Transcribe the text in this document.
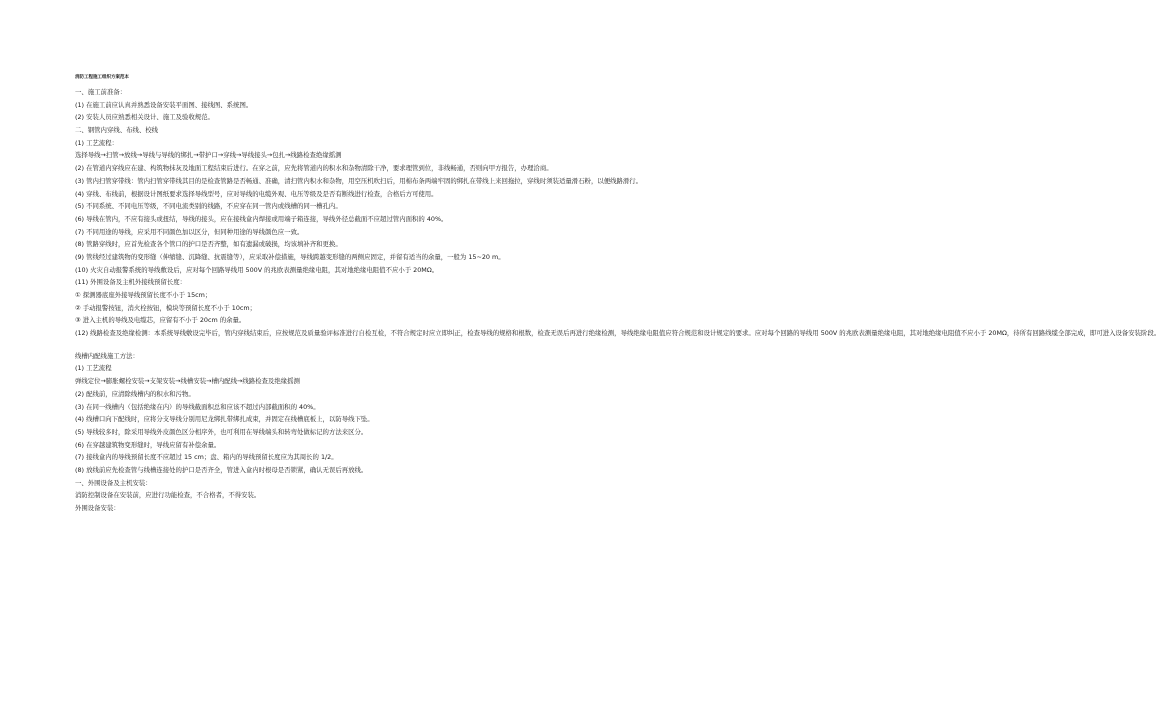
消防工程施工组织方案范本
一、施工前准备：
(1) 在施工前应认真并熟悉设备安装平面图、接线图、系统图。
(2) 安装人员应熟悉相关设计、施工及验收规范。
二、钢管内穿线、布线、校线
(1) 工艺流程：
选择导线→扫管→放线→导线与导线的绑扎→带护口→穿线→导线接头→包扎→线路检查绝缘摇测
(2) 在管道内穿线应在建、构筑物抹灰及地面工程结束后进行。在穿之前，应先将管道内的积水和杂物清除干净，要求理管到位，非线畅通，否则向甲方报告，办理洽商。
(3) 管内扫管穿带线：管内扫管穿带线其目的是检查管路是否畅通、准确，清扫管内积水和杂物，用空压机吹扫后，用棉布条两端牢固的绑扎在带线上来回拖拉，穿线时须装适量滑石粉，以便线路滑行。
(4) 穿线、布线前，根据设计图纸要求选择导线型号，应对导线的电缆外观、电压等级及是否有断线进行检查，合格后方可使用。
(5) 不同系统、不同电压等级，不同电流类别的线路，不应穿在同一管内或线槽的同一槽孔内。
(6) 导线在管内，不应有接头或扭结，导线的接头，应在接线盒内焊接或用端子箱连接，导线外径总截面不应超过管内面积的 40%。
(7) 不同用途的导线，应采用不同颜色加以区分，但同种用途的导线颜色应一致。
(8) 管路穿线时，应首先检查各个管口的护口是否齐整，如有遗漏或破损，均该填补齐和更换。
(9) 管线经过建筑物的变形缝（伸缩缝、沉降缝、抗震缝等），应采取补偿措施，导线跨越变形缝的两侧应固定，并留有适当的余量，一般为 15~20 m。
(10) 火灾自动报警系统的导线敷设后，应对每个回路导线用 500V 的兆欧表测量绝缘电阻，其对地绝缘电阻值不应小于 20MΩ。
(11) 外围设备及主机外接线预留长度：
① 探测器底座外接导线预留长度不小于 15cm；
② 手动报警按钮，消火栓按钮，模块等预留长度不小于 10cm；
③ 进入主机的导线及电缆芯，应留有不小于 20cm 的余量。
(12) 线路检查及绝缘检测：本系统导线敷设完毕后，管内穿线结束后，应按规范及质量验评标准进行自检互检，不符合规定时应立即纠正，检查导线的规格和根数，检查无误后再进行绝缘检测，导线绝缘电阻值应符合规范和设计规定的要求。应对每个回路的导线用 500V 的兆欧表测量绝缘电阻，其对地绝缘电阻值不应小于 20MΩ，待所有回路线缆全部完成，即可进入设备安装阶段。
线槽内配线施工方法：
(1) 工艺流程
弹线定位→膨胀螺栓安装→支架安装→线槽安装→槽内配线→线路检查及绝缘摇测
(2) 配线前，应清除线槽内的积水和污物。
(3) 在同一线槽内（包括绝缘在内）的导线截面积总和应该不超过内部截面积的 40%。
(4) 线槽口向下配线时，应将分支导线分别用尼龙绑扎带绑扎成束，并固定在线槽底板上，以防导线下坠。
(5) 导线较多时，除采用导线外皮颜色区分相序外，也可利用在导线端头和转弯处做标记的方法来区分。
(6) 在穿越建筑物变形缝时，导线应留有补偿余量。
(7) 接线盒内的导线预留长度不应超过 15 cm；盘、箱内的导线预留长度应为其周长的 1/2。
(8) 放线前应先检查管与线槽连接处的护口是否齐全，管进入盒内时根母是否锁紧，确认无误后再放线。
一、外围设备及主机安装：
消防控制设备在安装前，应进行功能检查，不合格者，不得安装。
外围设备安装：
